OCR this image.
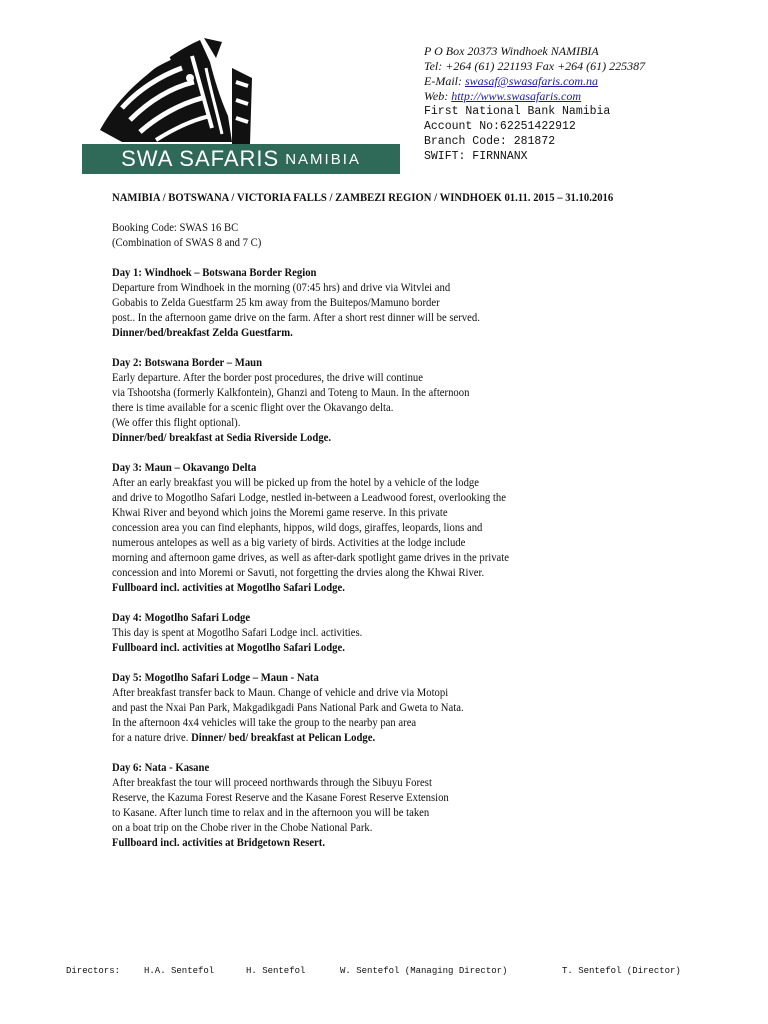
SWA SAFARIS NAMIBIA
P O Box 20373 Windhoek NAMIBIA
Tel: +264 (61) 221193 Fax +264 (61) 225387
E-Mail: swasaf@swasafaris.com.na
Web: http://www.swasafaris.com
First National Bank Namibia
Account No:62251422912
Branch Code: 281872
SWIFT: FIRNNANX
NAMIBIA / BOTSWANA / VICTORIA FALLS / ZAMBEZI REGION / WINDHOEK 01.11. 2015 – 31.10.2016
Booking Code: SWAS 16 BC
(Combination of SWAS 8 and 7 C)
Day 1: Windhoek – Botswana Border Region
Departure from Windhoek in the morning (07:45 hrs) and drive via Witvlei and
Gobabis to Zelda Guestfarm 25 km away from the Buitepos/Mamuno border
post.. In the afternoon game drive on the farm. After a short rest dinner will be served.
Dinner/bed/breakfast Zelda Guestfarm.
Day 2: Botswana Border – Maun
Early departure. After the border post procedures, the drive will continue
via Tshootsha (formerly Kalkfontein), Ghanzi and Toteng to Maun. In the afternoon
there is time available for a scenic flight over the Okavango delta.
(We offer this flight optional).
Dinner/bed/ breakfast at Sedia Riverside Lodge.
Day 3: Maun – Okavango Delta
After an early breakfast you will be picked up from the hotel by a vehicle of the lodge
and drive to Mogotlho Safari Lodge, nestled in-between a Leadwood forest, overlooking the
Khwai River and beyond which joins the Moremi game reserve. In this private
concession area you can find elephants, hippos, wild dogs, giraffes, leopards, lions and
numerous antelopes as well as a big variety of birds. Activities at the lodge include
morning and afternoon game drives, as well as after-dark spotlight game drives in the private
concession and into Moremi or Savuti, not forgetting the drvies along the Khwai River.
Fullboard incl. activities at Mogotlho Safari Lodge.
Day 4: Mogotlho Safari Lodge
This day is spent at Mogotlho Safari Lodge incl. activities.
Fullboard incl. activities at Mogotlho Safari Lodge.
Day 5: Mogotlho Safari Lodge – Maun - Nata
After breakfast transfer back to Maun. Change of vehicle and drive via Motopi
and past the Nxai Pan Park, Makgadikgadi Pans National Park and Gweta to Nata.
In the afternoon 4x4 vehicles will take the group to the nearby pan area
for a nature drive. Dinner/ bed/ breakfast at Pelican Lodge.
Day 6: Nata - Kasane
After breakfast the tour will proceed northwards through the Sibuyu Forest
Reserve, the Kazuma Forest Reserve and the Kasane Forest Reserve Extension
to Kasane. After lunch time to relax and in the afternoon you will be taken
on a boat trip on the Chobe river in the Chobe National Park.
Fullboard incl. activities at Bridgetown Resert.
Directors:	H.A. Sentefol	H. Sentefol	W. Sentefol (Managing Director)	T. Sentefol (Director)
